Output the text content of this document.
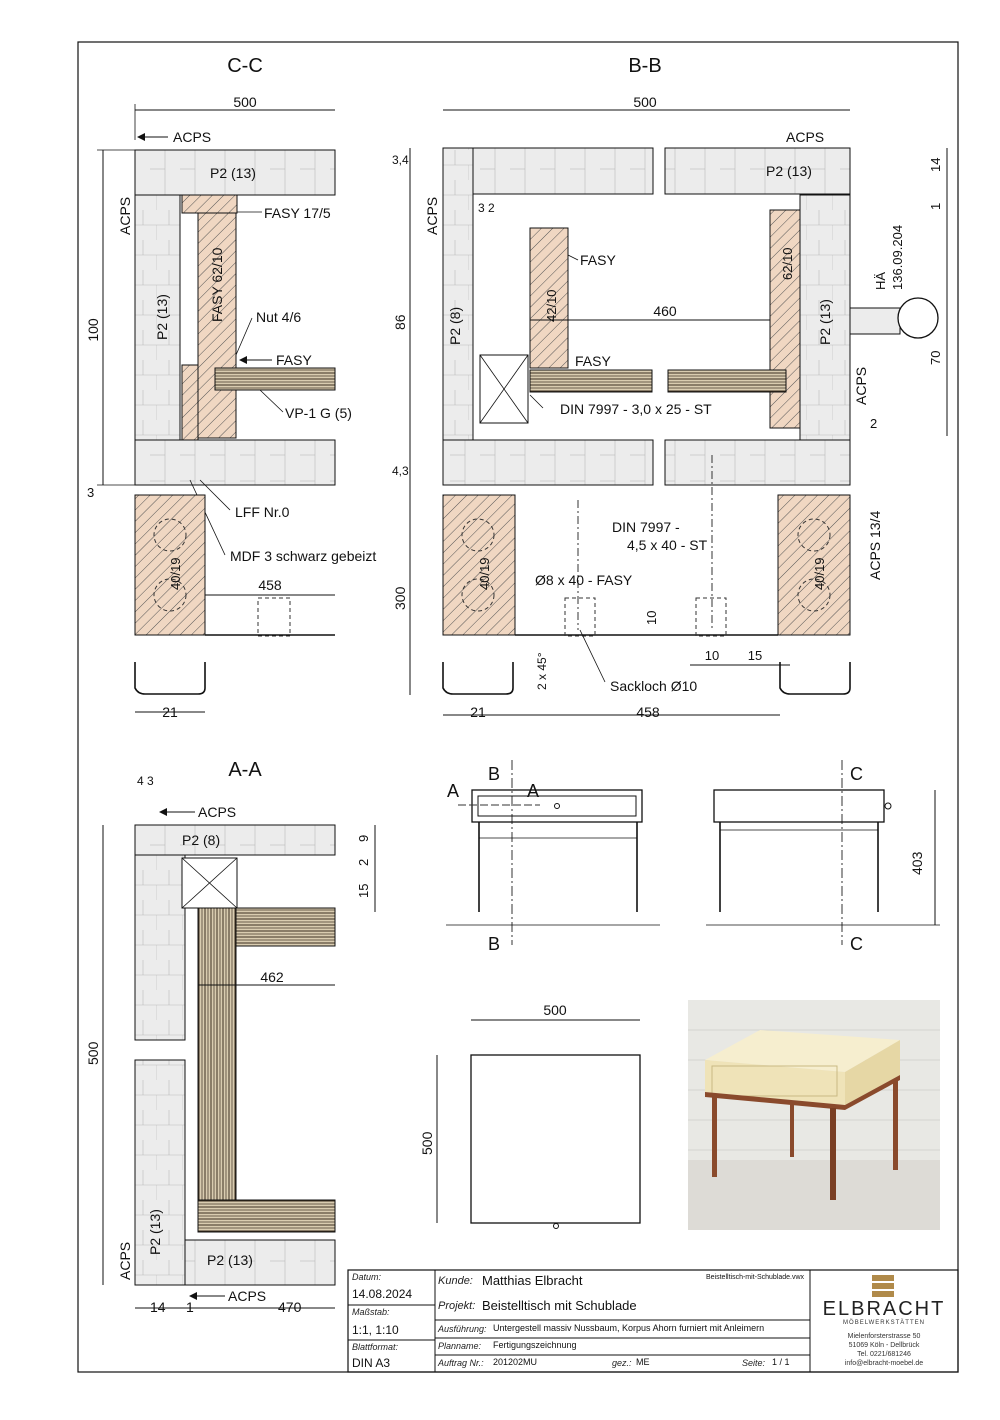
C-C
500
ACPS
P2 (13)
P2 (13)
ACPS	FASY 17/5
FASY 62/10 Nut 4/6
FASY
VP-1 G (5)
100
3
LFF Nr.0
MDF 3 schwarz gebeizt
40/19	458
21
B-B
500
ACPS
P2 (13)
P2 (8)
ACPS
P2 (13)
42/10
FASY	62/10
460
FASY
DIN 7997 - 3,0 x 25 - ST
HÄ 136.09.204
ACPS
14
1
70
2
3,4
3 2
86
4,3
300
40/19	40/19	ACPS 13/4
DIN 7997 -
4,5 x 40 - ST
Ø8 x 40 - FASY
10
10 15
2 x 45°	Sackloch Ø10
21	458
A-A
4 3
ACPS
P2 (8)
462
P2 (13)
P2 (13)
ACPS
9
2
15
500
ACPS
14 1	470
A	A
B
B
C
C
403
500
500
Datum:
14.08.2024
Maßstab:
1:1, 1:10
Blattformat:
DIN A3
Kunde: Matthias Elbracht	Beistelltisch-mit-Schublade.vwx
Projekt: Beistelltisch mit Schublade
Ausführung: Untergestell massiv Nussbaum, Korpus Ahorn furniert mit Anleimern
Planname: Fertigungszeichnung
Auftrag Nr.: 201202MU	gez.: ME	Seite: 1 / 1
ELBRACHT
MÖBELWERKSTÄTTEN
Mielenforsterstrasse 50
51069 Köln - Dellbrück
Tel. 0221/681246
info@elbracht-moebel.de
